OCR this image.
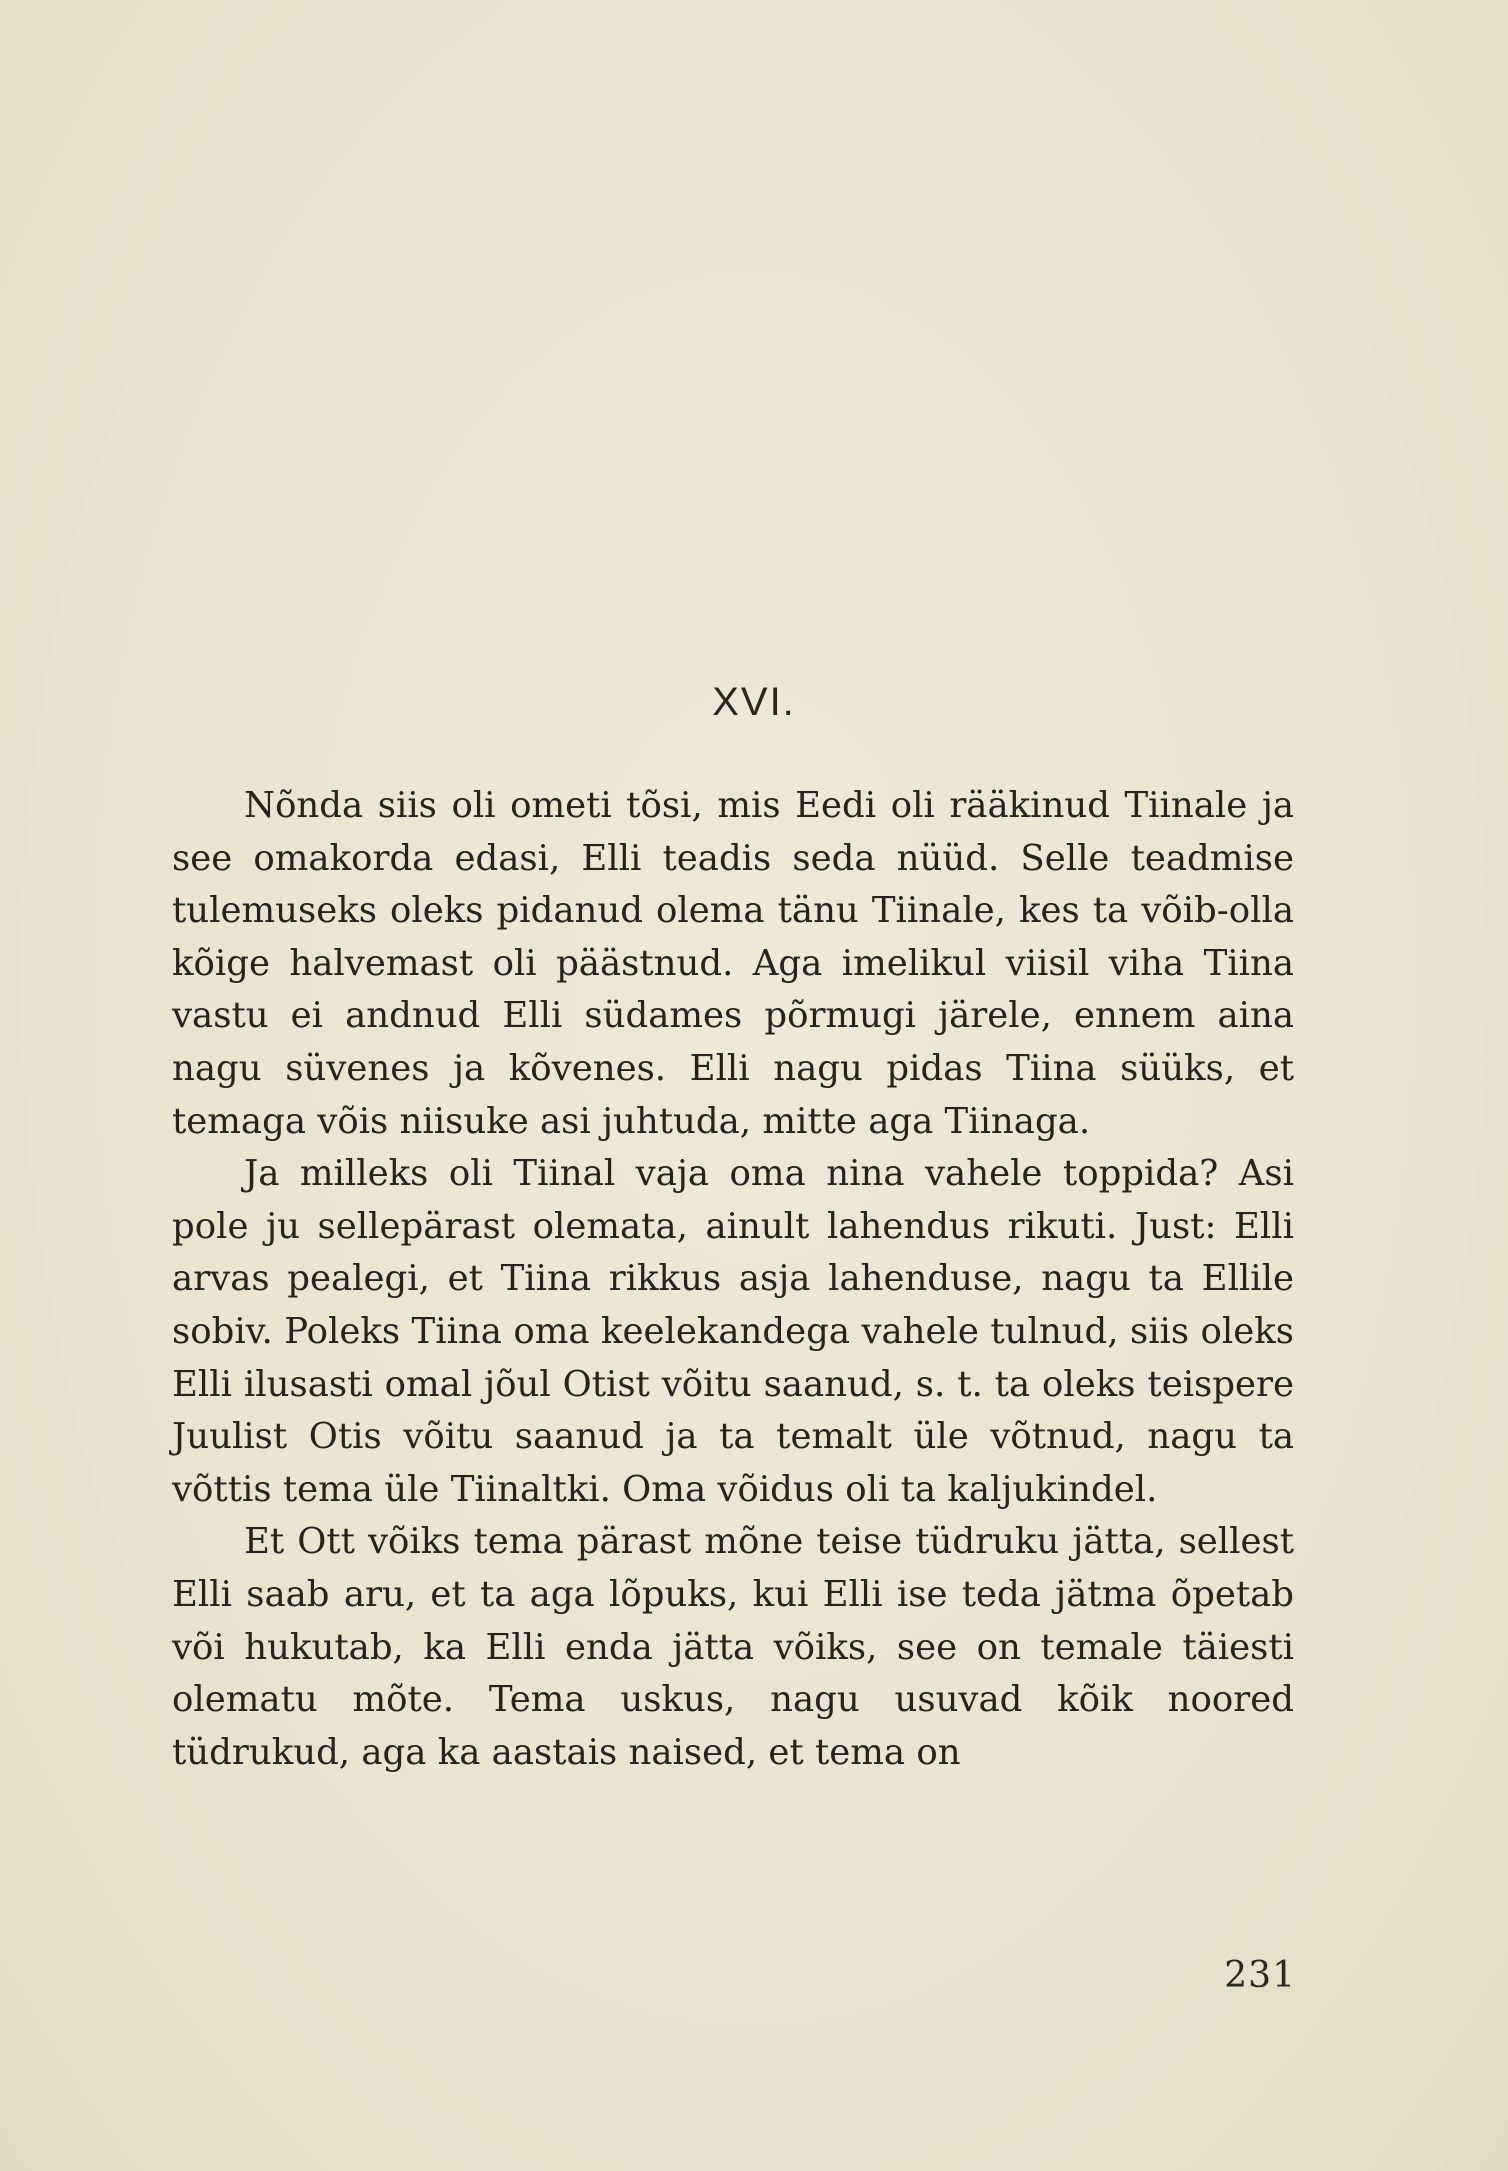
XVI.

Nõnda siis oli ometi tõsi, mis Eedi oli rääkinud Tiinale ja see omakorda edasi, Elli teadis seda nüüd. Selle teadmise tulemuseks oleks pidanud olema tänu Tiinale, kes ta võib-olla kõige halvemast oli päästnud. Aga imelikul viisil viha Tiina vastu ei andnud Elli südames põrmugi järele, ennem aina nagu süvenes ja kõvenes. Elli nagu pidas Tiina süüks, et temaga võis niisuke asi juhtuda, mitte aga Tiinaga.

Ja milleks oli Tiinal vaja oma nina vahele toppida? Asi pole ju sellepärast olemata, ainult lahendus rikuti. Just: Elli arvas pealegi, et Tiina rikkus asja lahenduse, nagu ta Ellile sobiv. Poleks Tiina oma keelekandega vahele tulnud, siis oleks Elli ilusasti omal jõul Otist võitu saanud, s. t. ta oleks teispere Juulist Otis võitu saanud ja ta temalt üle võtnud, nagu ta võttis tema üle Tiinaltki. Oma võidus oli ta kaljukindel.

Et Ott võiks tema pärast mõne teise tüdruku jätta, sellest Elli saab aru, et ta aga lõpuks, kui Elli ise teda jätma õpetab või hukutab, ka Elli enda jätta võiks, see on temale täiesti olematu mõte. Tema uskus, nagu usuvad kõik noored tüdrukud, aga ka aastais naised, et tema on

231
